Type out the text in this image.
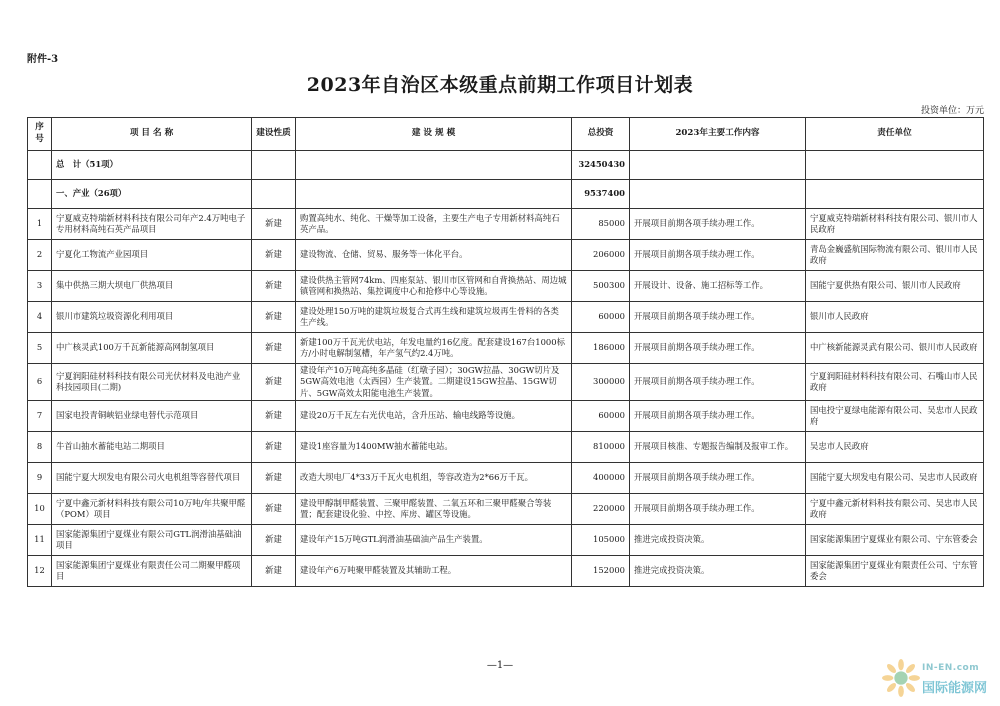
附件-3
2023年自治区本级重点前期工作项目计划表
投资单位：万元
序号	项 目 名 称	建设性质	建 设 规 模	总投资	2023年主要工作内容	责任单位
	总　计（51项）			32450430		
	一、产业（26项）			9537400		
1	宁夏威克特瑞新材料科技有限公司年产2.4万吨电子专用材料高纯石英产品项目	新建	购置高纯水、纯化、干燥等加工设备，主要生产电子专用新材料高纯石英产品。	85000	开展项目前期各项手续办理工作。	宁夏威克特瑞新材料科技有限公司、银川市人民政府
2	宁夏化工物流产业园项目	新建	建设物流、仓储、贸易、服务等一体化平台。	206000	开展项目前期各项手续办理工作。	青岛金巍盛航国际物流有限公司、银川市人民政府
3	集中供热三期大坝电厂供热项目	新建	建设供热主管网74km、四座泵站、银川市区管网和自背换热站、周边城镇管网和换热站、集控调度中心和抢修中心等设施。	500300	开展设计、设备、施工招标等工作。	国能宁夏供热有限公司、银川市人民政府
4	银川市建筑垃圾资源化利用项目	新建	建设处理150万吨的建筑垃圾复合式再生线和建筑垃圾再生骨料的各类生产线。	60000	开展项目前期各项手续办理工作。	银川市人民政府
5	中广核灵武100万千瓦新能源高网制氢项目	新建	新建100万千瓦光伏电站，年发电量约16亿度。配套建设167台1000标方/小时电解制氢槽，年产氢气约2.4万吨。	186000	开展项目前期各项手续办理工作。	中广核新能源灵武有限公司、银川市人民政府
6	宁夏润阳硅材料科技有限公司光伏材料及电池产业科技园项目(二期)	新建	建设年产10万吨高纯多晶硅（红墩子园）；30GW拉晶、30GW切片及5GW高效电池（太西园）生产装置。二期建设15GW拉晶、15GW切片、5GW高效太阳能电池生产装置。	300000	开展项目前期各项手续办理工作。	宁夏润阳硅材料科技有限公司、石嘴山市人民政府
7	国家电投青铜峡铝业绿电替代示范项目	新建	建设20万千瓦左右光伏电站，含升压站、输电线路等设施。	60000	开展项目前期各项手续办理工作。	国电投宁夏绿电能源有限公司、吴忠市人民政府
8	牛首山抽水蓄能电站二期项目	新建	建设1座容量为1400MW抽水蓄能电站。	810000	开展项目核准、专题报告编制及报审工作。	吴忠市人民政府
9	国能宁夏大坝发电有限公司火电机组等容替代项目	新建	改造大坝电厂4*33万千瓦火电机组，等容改造为2*66万千瓦。	400000	开展项目前期各项手续办理工作。	国能宁夏大坝发电有限公司、吴忠市人民政府
10	宁夏中鑫元新材料科技有限公司10万吨/年共聚甲醛（POM）项目	新建	建设甲醇制甲醛装置、三聚甲醛装置、二氧五环和三聚甲醛聚合等装置；配套建设化验、中控、库房、罐区等设施。	220000	开展项目前期各项手续办理工作。	宁夏中鑫元新材料科技有限公司、吴忠市人民政府
11	国家能源集团宁夏煤业有限公司GTL润滑油基础油项目	新建	建设年产15万吨GTL润滑油基础油产品生产装置。	105000	推进完成投资决策。	国家能源集团宁夏煤业有限公司、宁东管委会
12	国家能源集团宁夏煤业有限责任公司二期聚甲醛项目	新建	建设年产6万吨聚甲醛装置及其辅助工程。	152000	推进完成投资决策。	国家能源集团宁夏煤业有限责任公司、宁东管委会
—1—	IN-EN.com
国际能源网
